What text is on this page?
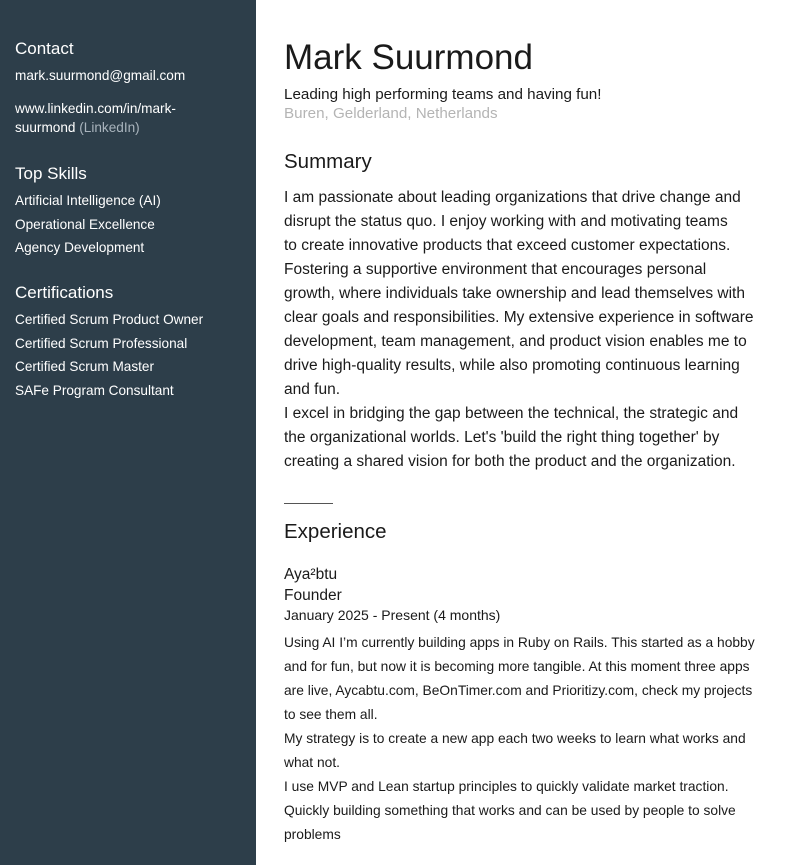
Contact
mark.suurmond@gmail.com
www.linkedin.com/in/mark-
suurmond (LinkedIn)
Top Skills
Artificial Intelligence (AI)
Operational Excellence
Agency Development
Certifications
Certified Scrum Product Owner
Certified Scrum Professional
Certified Scrum Master
SAFe Program Consultant
Mark Suurmond
Leading high performing teams and having fun!
Buren, Gelderland, Netherlands
Summary
I am passionate about leading organizations that drive change and
disrupt the status quo. I enjoy working with and motivating teams
to create innovative products that exceed customer expectations.
Fostering a supportive environment that encourages personal
growth, where individuals take ownership and lead themselves with
clear goals and responsibilities. My extensive experience in software
development, team management, and product vision enables me to
drive high-quality results, while also promoting continuous learning
and fun.
I excel in bridging the gap between the technical, the strategic and
the organizational worlds. Let's 'build the right thing together' by
creating a shared vision for both the product and the organization.
Experience
Aya²btu
Founder
January 2025 - Present (4 months)
Using AI I’m currently building apps in Ruby on Rails. This started as a hobby
and for fun, but now it is becoming more tangible. At this moment three apps
are live, Aycabtu.com, BeOnTimer.com and Prioritizy.com, check my projects
to see them all.
My strategy is to create a new app each two weeks to learn what works and
what not.
I use MVP and Lean startup principles to quickly validate market traction.
Quickly building something that works and can be used by people to solve
problems
